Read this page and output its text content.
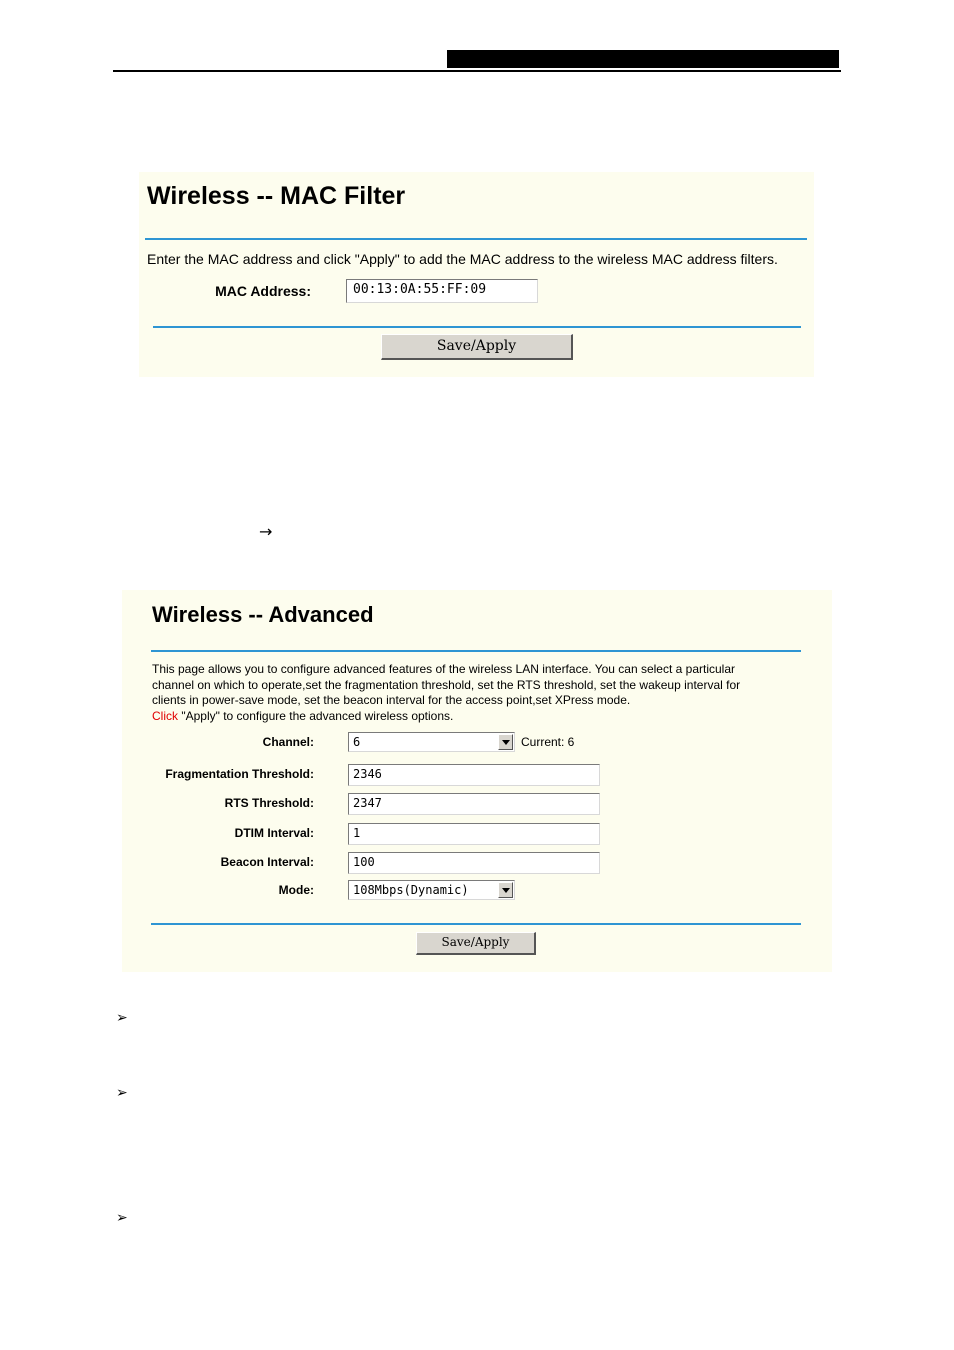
Wireless -- MAC Filter
Enter the MAC address and click "Apply" to add the MAC address to the wireless MAC address filters.
MAC Address:	00:13:0A:55:FF:09
Save/Apply
→
Wireless -- Advanced
This page allows you to configure advanced features of the wireless LAN interface. You can select a particular
channel on which to operate,set the fragmentation threshold, set the RTS threshold, set the wakeup interval for
clients in power-save mode, set the beacon interval for the access point,set XPress mode.
Click "Apply" to configure the advanced wireless options.
Channel:	6	Current: 6
Fragmentation Threshold:	2346
RTS Threshold:	2347
DTIM Interval:	1
Beacon Interval:	100
Mode:	108Mbps(Dynamic)
Save/Apply
➢
➢
➢
